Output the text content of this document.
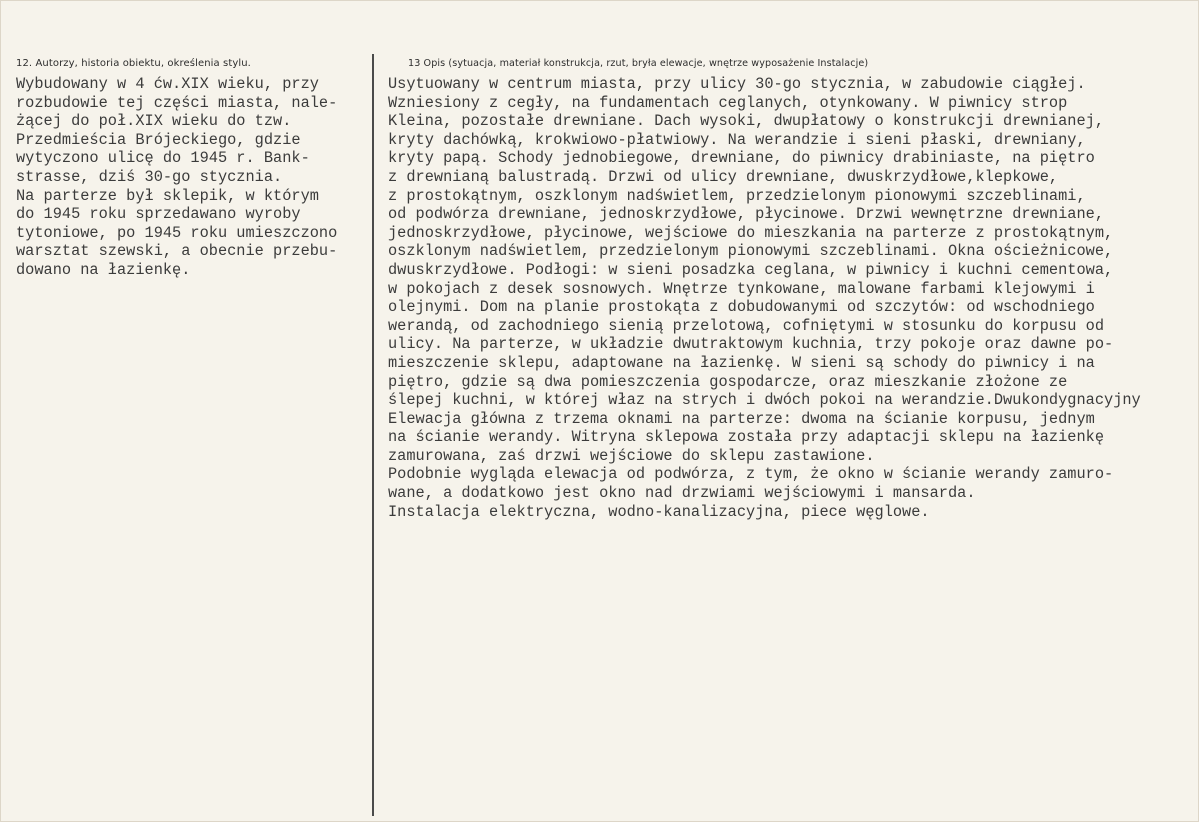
12. Autorzy, historia obiektu, określenia stylu.

Wybudowany w 4 ćw.XIX wieku, przy

rozbudowie tej części miasta, nale-

żącej do poł.XIX wieku do tzw.

Przedmieścia Brójeckiego, gdzie

wytyczono ulicę do 1945 r. Bank-

strasse, dziś 30-go stycznia.

Na parterze był sklepik, w którym

do 1945 roku sprzedawano wyroby

tytoniowe, po 1945 roku umieszczono

warsztat szewski, a obecnie przebu-

dowano na łazienkę.

13 Opis (sytuacja, materiał konstrukcja, rzut, bryła elewacje, wnętrze wyposażenie Instalacje)

Usytuowany w centrum miasta, przy ulicy 30-go stycznia, w zabudowie ciągłej.

Wzniesiony z cegły, na fundamentach ceglanych, otynkowany. W piwnicy strop

Kleina, pozostałe drewniane. Dach wysoki, dwupłatowy o konstrukcji drewnianej,

kryty dachówką, krokwiowo-płatwiowy. Na werandzie i sieni płaski, drewniany,

kryty papą. Schody jednobiegowe, drewniane, do piwnicy drabiniaste, na piętro

z drewnianą balustradą. Drzwi od ulicy drewniane, dwuskrzydłowe,klepkowe,

z prostokątnym, oszklonym nadświetlem, przedzielonym pionowymi szczeblinami,

od podwórza drewniane, jednoskrzydłowe, płycinowe. Drzwi wewnętrzne drewniane,

jednoskrzydłowe, płycinowe, wejściowe do mieszkania na parterze z prostokątnym,

oszklonym nadświetlem, przedzielonym pionowymi szczeblinami. Okna ościeżnicowe,

dwuskrzydłowe. Podłogi: w sieni posadzka ceglana, w piwnicy i kuchni cementowa,

w pokojach z desek sosnowych. Wnętrze tynkowane, malowane farbami klejowymi i

olejnymi. Dom na planie prostokąta z dobudowanymi od szczytów: od wschodniego

werandą, od zachodniego sienią przelotową, cofniętymi w stosunku do korpusu od

ulicy. Na parterze, w układzie dwutraktowym kuchnia, trzy pokoje oraz dawne po-

mieszczenie sklepu, adaptowane na łazienkę. W sieni są schody do piwnicy i na

piętro, gdzie są dwa pomieszczenia gospodarcze, oraz mieszkanie złożone ze

ślepej kuchni, w której właz na strych i dwóch pokoi na werandzie.Dwukondygnacyjny

Elewacja główna z trzema oknami na parterze: dwoma na ścianie korpusu, jednym

na ścianie werandy. Witryna sklepowa została przy adaptacji sklepu na łazienkę

zamurowana, zaś drzwi wejściowe do sklepu zastawione.

Podobnie wygląda elewacja od podwórza, z tym, że okno w ścianie werandy zamuro-

wane, a dodatkowo jest okno nad drzwiami wejściowymi i mansarda.

Instalacja elektryczna, wodno-kanalizacyjna, piece węglowe.
